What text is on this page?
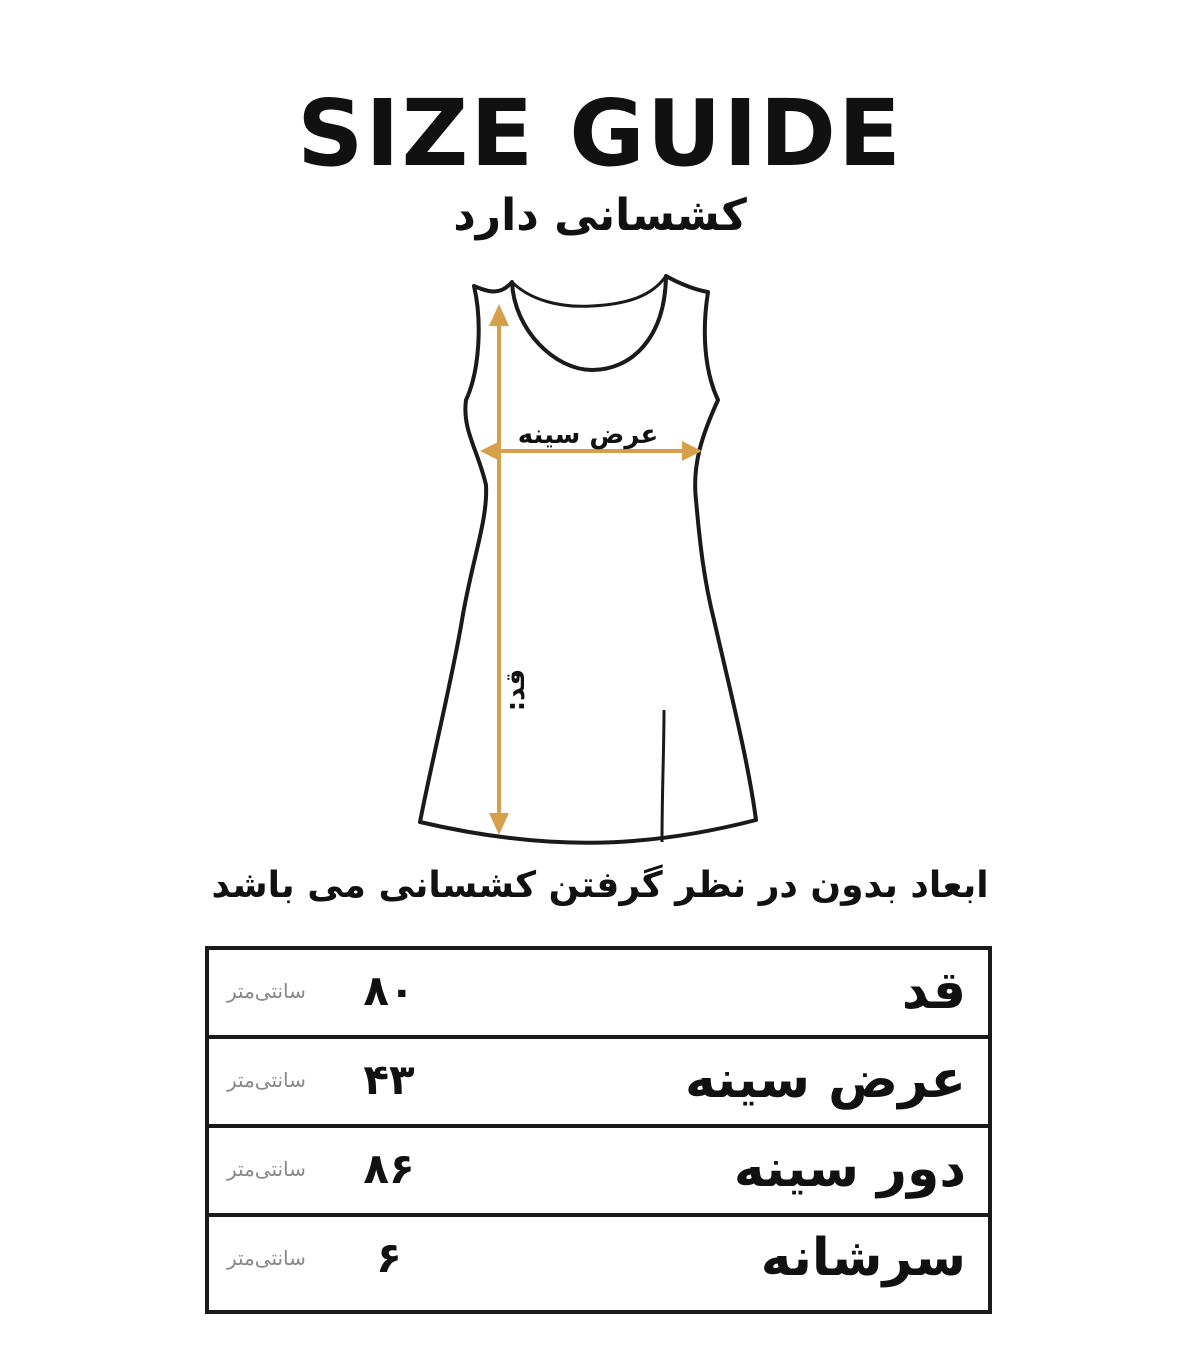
SIZE GUIDE
کشسانی دارد
عرض سینه
قد:
ابعاد بدون در نظر گرفتن کشسانی می باشد
قد
۸۰
سانتی‌متر
عرض سینه
۴۳
سانتی‌متر
دور سینه
۸۶
سانتی‌متر
سرشانه
۶
سانتی‌متر
